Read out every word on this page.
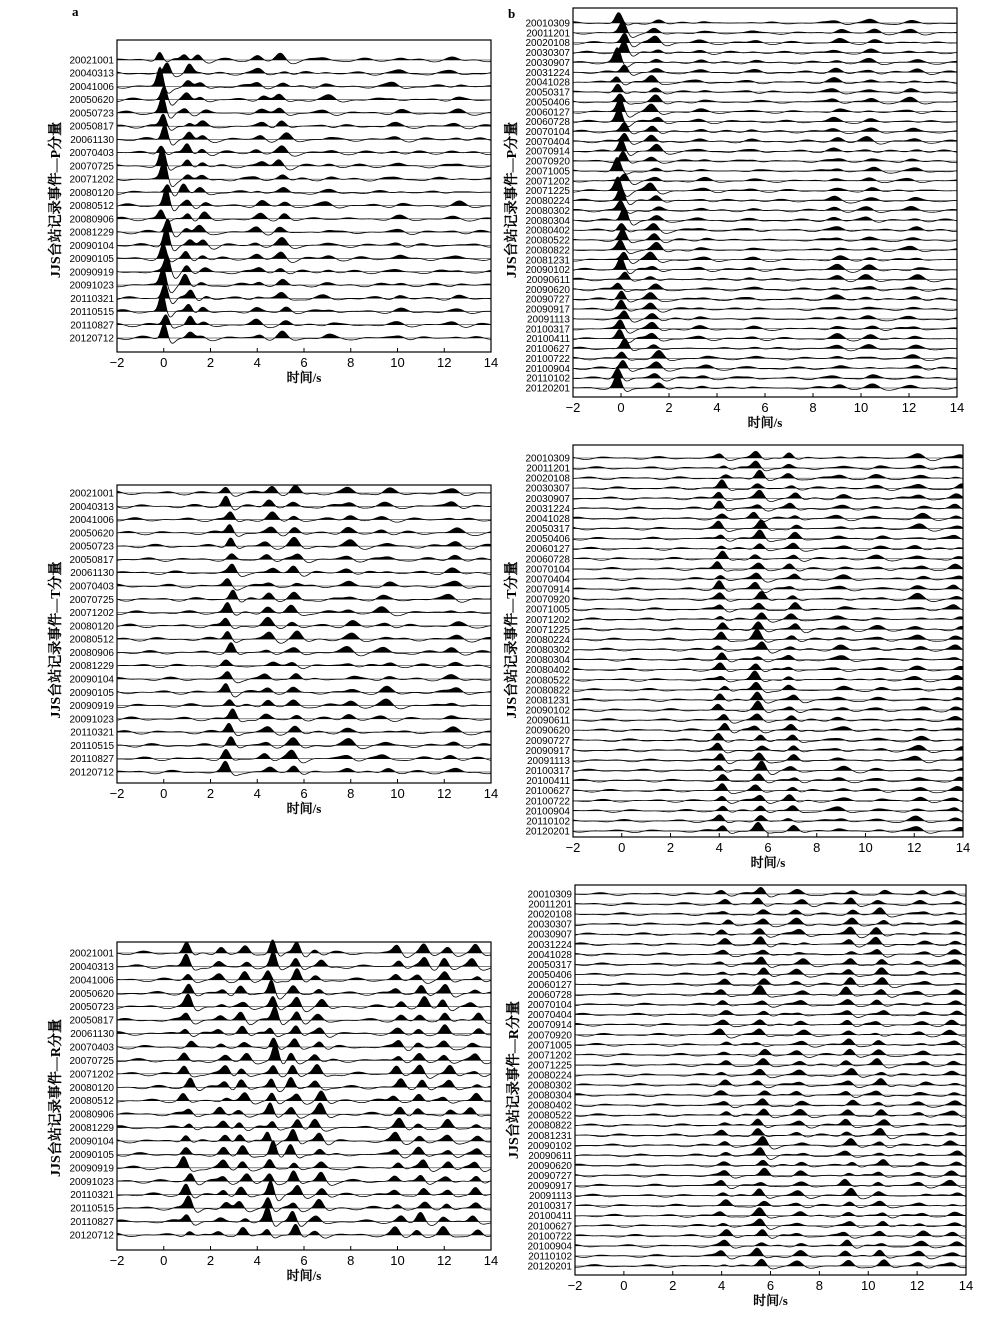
a	b
20021001
20040313
20041006
20050620
20050723
20050817
20061130
20070403
20070725
20071202
20080120
20080512
20080906
20081229
20090104
20090105
20090919
20091023
20110321
20110515
20110827
20120712
−2	0	2	4	6	8	10 12 14
时间/s
JJS台站记录事件—P分量
20010309
20011201
20020108
20030307
20030907
20031224
20041028
20050317
20050406
20060127
20060728
20070104
20070404
20070914
20070920
20071005
20071202
20071225
20080224
20080302
20080304
20080402
20080522
20080822
20081231
20090102
20090611
20090620
20090727
20090917
20091113
20100317
20100411
20100627
20100722
20100904
20110102
20120201
−2	0	2	4	6	8	10	12	14
时间/s
JJS台站记录事件—P分量
20021001
20040313
20041006
20050620
20050723
20050817
20061130
20070403
20070725
20071202
20080120
20080512
20080906
20081229
20090104
20090105
20090919
20091023
20110321
20110515
20110827
20120712
−2	0	2	4	6	8	10 12 14
时间/s
JJS台站记录事件—T分量
20010309
20011201
20020108
20030307
20030907
20031224
20041028
20050317
20050406
20060127
20060728
20070104
20070404
20070914
20070920
20071005
20071202
20071225
20080224
20080302
20080304
20080402
20080522
20080822
20081231
20090102
20090611
20090620
20090727
20090917
20091113
20100317
20100411
20100627
20100722
20100904
20110102
20120201
−2	0	2	4	6	8	10	12	14
时间/s
JJS台站记录事件—T分量
20021001
20040313
20041006
20050620
20050723
20050817
20061130
20070403
20070725
20071202
20080120
20080512
20080906
20081229
20090104
20090105
20090919
20091023
20110321
20110515
20110827
20120712
−2	0	2	4	6	8	10 12 14
时间/s
JJS台站记录事件—R分量
20010309
20011201
20020108
20030307
20030907
20031224
20041028
20050317
20050406
20060127
20060728
20070104
20070404
20070914
20070920
20071005
20071202
20071225
20080224
20080302
20080304
20080402
20080522
20080822
20081231
20090102
20090611
20090620
20090727
20090917
20091113
20100317
20100411
20100627
20100722
20100904
20110102
20120201
−2	0	2	4	6	8	10	12	14
时间/s
JJS台站记录事件—R分量
